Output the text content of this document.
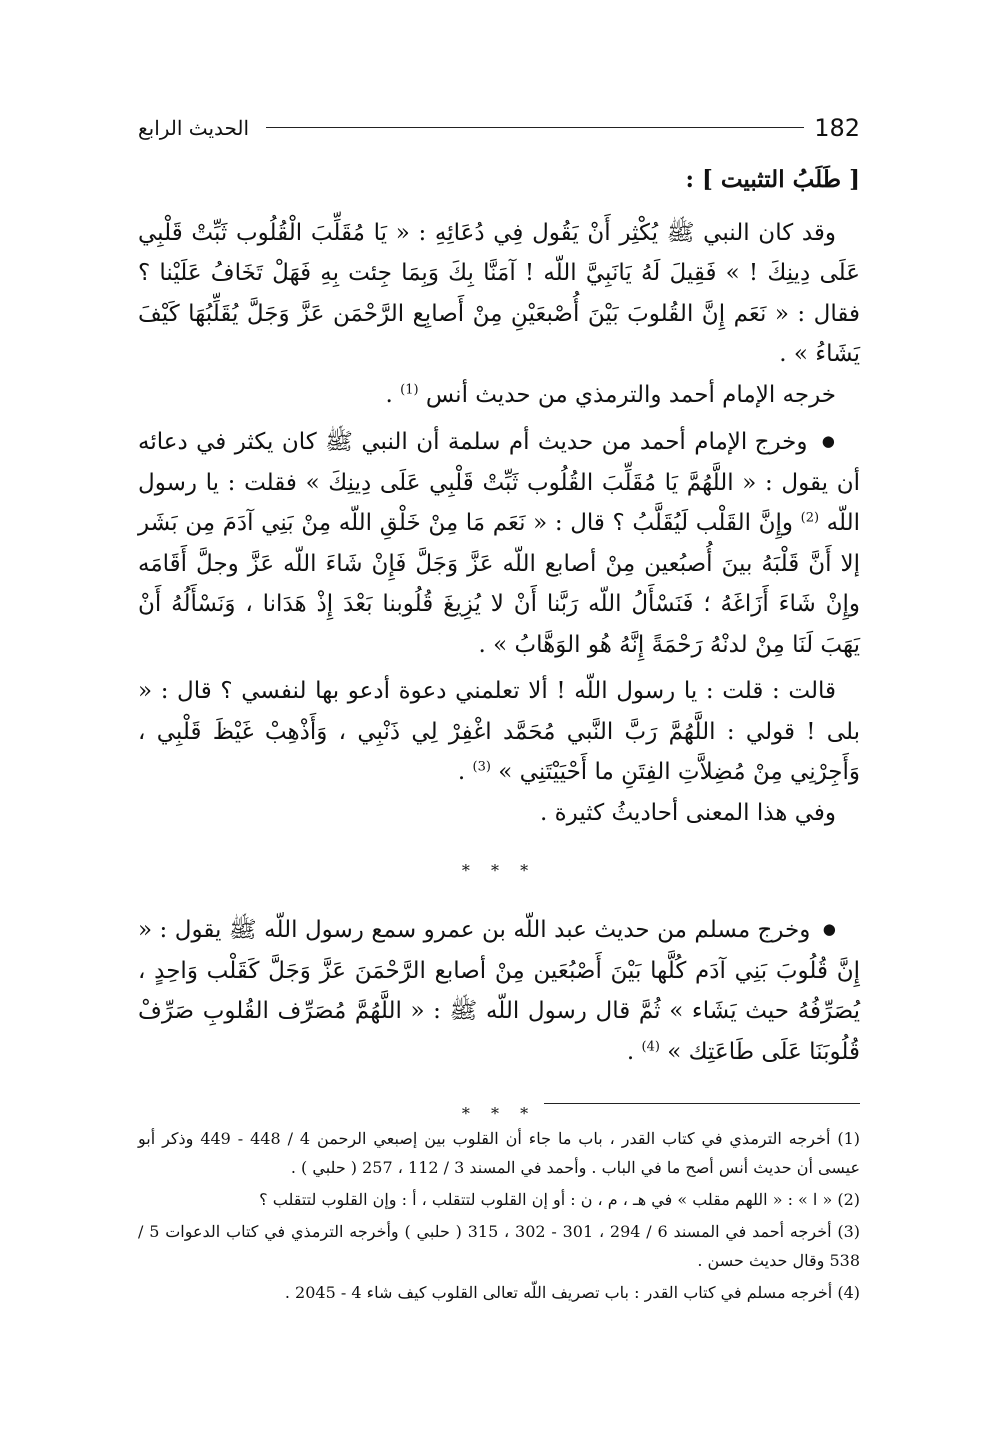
182
الحديث الرابع

[ طَلَبُ التثبيت ] :

وقد كان النبي ﷺ يُكْثِر أَنْ يَقُول فِي دُعَائِهِ : « يَا مُقَلِّبَ الْقُلُوب ثَبِّتْ قَلْبِي عَلَى دِينِكَ ! » فَقِيلَ لَهُ يَانَبِيَّ اللّه ! آمَنَّا بِكَ وَبِمَا جِئت بِهِ فَهَلْ تَخَافُ عَلَيْنا ؟ فقال : « نَعَم إِنَّ القُلوبَ بَيْنَ أُصْبعَيْنِ مِنْ أَصابِع الرَّحْمَن عَزَّ وَجَلَّ يُقَلِّبُهَا كَيْفَ يَشَاءُ » .

خرجه الإمام أحمد والترمذي من حديث أنس $^{(1)}$ .

● وخرج الإمام أحمد من حديث أم سلمة أن النبي ﷺ كان يكثر في دعائه أن يقول : « اللَّهُمَّ يَا مُقَلِّبَ القُلُوب ثَبِّتْ قَلْبِي عَلَى دِينِكَ » فقلت : يا رسول اللّه $^{(2)}$ وإِنَّ القَلْب لَيُقَلَّبُ ؟ قال : « نَعَم مَا مِنْ خَلْقِ اللّه مِنْ بَنِي آدَمَ مِن بَشَر إلا أَنَّ قَلْبَهُ بينَ أُصبُعين مِنْ أصابع اللّه عَزَّ وَجَلَّ فَإِنْ شَاءَ اللّه عَزَّ وجلَّ أَقَامَه وإِنْ شَاءَ أَزَاغَهُ ؛ فَنَسْأَلُ اللّه رَبَّنا أَنْ لا يُزِيغَ قُلُوبنا بَعْدَ إِذْ هَدَانا ، وَنَسْأَلُهُ أَنْ يَهَبَ لَنَا مِنْ لدنْهُ رَحْمَةً إِنَّهُ هُو الوَهَّابُ » .

قالت : قلت : يا رسول اللّه ! ألا تعلمني دعوة أدعو بها لنفسي ؟ قال : « بلى ! قولي : اللَّهُمَّ رَبَّ النَّبي مُحَمَّد اغْفِرْ لِي ذَنْبِي ، وَأَذْهِبْ غَيْظَ قَلْبِي ، وَأَجِرْنِي مِنْ مُضِلاَّتِ الفِتَنِ ما أَحْيَيْتَنِي » $^{(3)}$ .

وفي هذا المعنى أحاديثُ كثيرة .

* * *

● وخرج مسلم من حديث عبد اللّه بن عمرو سمع رسول اللّه ﷺ يقول : « إِنَّ قُلُوبَ بَنِي آدَم كُلَّها بَيْنَ أَصْبُعَين مِنْ أصابع الرَّحْمَنَ عَزَّ وَجَلَّ كَقَلْب وَاحِدٍ ، يُصَرِّفُهُ حيث يَشَاء » ثُمَّ قال رسول اللّه ﷺ : « اللَّهُمَّ مُصَرِّف القُلوبِ صَرِّفْ قُلُوبَنَا عَلَى طَاعَتِك » $^{(4)}$ .

* * *

(1) أخرجه الترمذي في كتاب القدر ، باب ما جاء أن القلوب بين إصبعي الرحمن 4 / 448 - 449 وذكر أبو عيسى أن حديث أنس أصح ما في الباب . وأحمد في المسند 3 / 112 ، 257 ( حلبي ) .

(2) « ا » : « اللهم مقلب » في هـ ، م ، ن : أو إن القلوب لتتقلب ، أ : وإن القلوب لتتقلب ؟

(3) أخرجه أحمد في المسند 6 / 294 ، 301 - 302 ، 315 ( حلبي ) وأخرجه الترمذي في كتاب الدعوات 5 / 538 وقال حديث حسن .

(4) أخرجه مسلم في كتاب القدر : باب تصريف اللّه تعالى القلوب كيف شاء 4 - 2045 .
